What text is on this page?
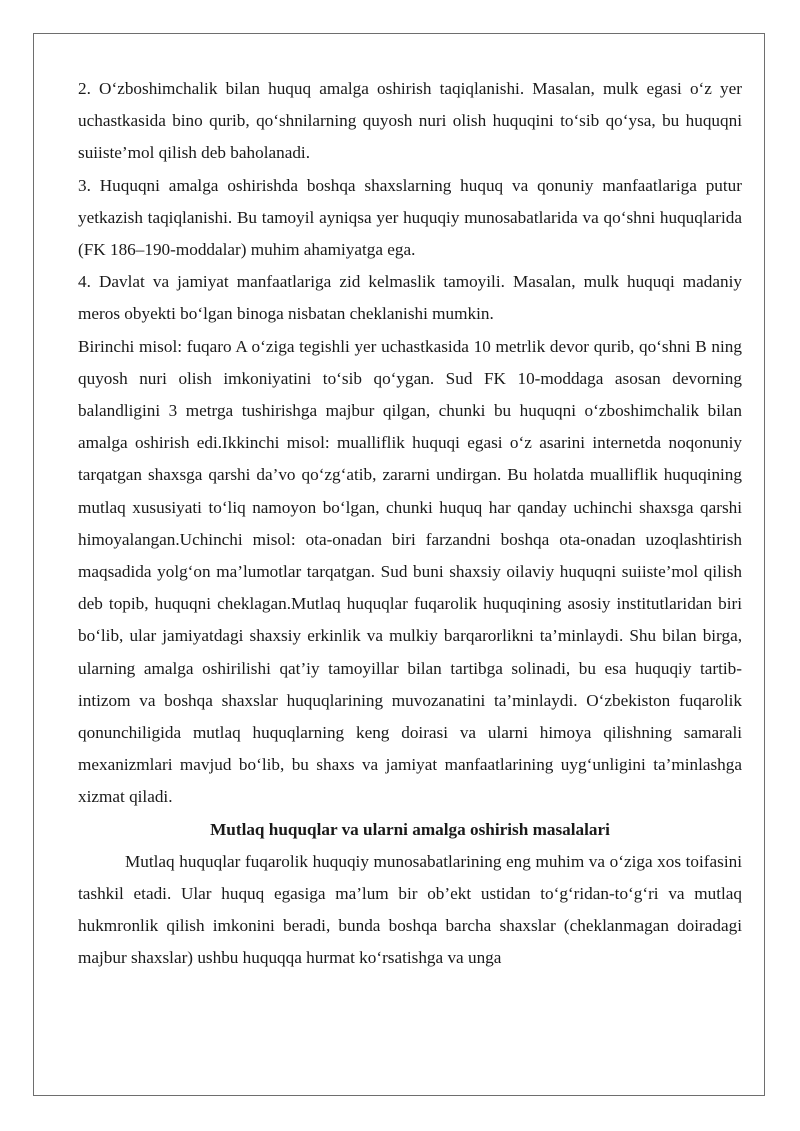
2. O‘zboshimchalik bilan huquq amalga oshirish taqiqlanishi. Masalan, mulk egasi o‘z yer uchastkasida bino qurib, qo‘shnilarning quyosh nuri olish huquqini to‘sib qo‘ysa, bu huquqni suiiste’mol qilish deb baholanadi.

3. Huquqni amalga oshirishda boshqa shaxslarning huquq va qonuniy manfaatlariga putur yetkazish taqiqlanishi. Bu tamoyil ayniqsa yer huquqiy munosabatlarida va qo‘shni huquqlarida (FK 186–190-moddalar) muhim ahamiyatga ega.

4. Davlat va jamiyat manfaatlariga zid kelmaslik tamoyili. Masalan, mulk huquqi madaniy meros obyekti bo‘lgan binoga nisbatan cheklanishi mumkin.

Birinchi misol: fuqaro A o‘ziga tegishli yer uchastkasida 10 metrlik devor qurib, qo‘shni B ning quyosh nuri olish imkoniyatini to‘sib qo‘ygan. Sud FK 10-moddaga asosan devorning balandligini 3 metrga tushirishga majbur qilgan, chunki bu huquqni o‘zboshimchalik bilan amalga oshirish edi.Ikkinchi misol: mualliflik huquqi egasi o‘z asarini internetda noqonuniy tarqatgan shaxsga qarshi da’vo qo‘zg‘atib, zararni undirgan. Bu holatda mualliflik huquqining mutlaq xususiyati to‘liq namoyon bo‘lgan, chunki huquq har qanday uchinchi shaxsga qarshi himoyalangan.Uchinchi misol: ota-onadan biri farzandni boshqa ota-onadan uzoqlashtirish maqsadida yolg‘on ma’lumotlar tarqatgan. Sud buni shaxsiy oilaviy huquqni suiiste’mol qilish deb topib, huquqni cheklagan.Mutlaq huquqlar fuqarolik huquqining asosiy institutlaridan biri bo‘lib, ular jamiyatdagi shaxsiy erkinlik va mulkiy barqarorlikni ta’minlaydi. Shu bilan birga, ularning amalga oshirilishi qat’iy tamoyillar bilan tartibga solinadi, bu esa huquqiy tartib-intizom va boshqa shaxslar huquqlarining muvozanatini ta’minlaydi. O‘zbekiston fuqarolik qonunchiligida mutlaq huquqlarning keng doirasi va ularni himoya qilishning samarali mexanizmlari mavjud bo‘lib, bu shaxs va jamiyat manfaatlarining uyg‘unligini ta’minlashga xizmat qiladi.

Mutlaq huquqlar va ularni amalga oshirish masalalari

Mutlaq huquqlar fuqarolik huquqiy munosabatlarining eng muhim va o‘ziga xos toifasini tashkil etadi. Ular huquq egasiga ma’lum bir ob’ekt ustidan to‘g‘ridan-to‘g‘ri va mutlaq hukmronlik qilish imkonini beradi, bunda boshqa barcha shaxslar (cheklanmagan doiradagi majbur shaxslar) ushbu huquqqa hurmat ko‘rsatishga va unga
